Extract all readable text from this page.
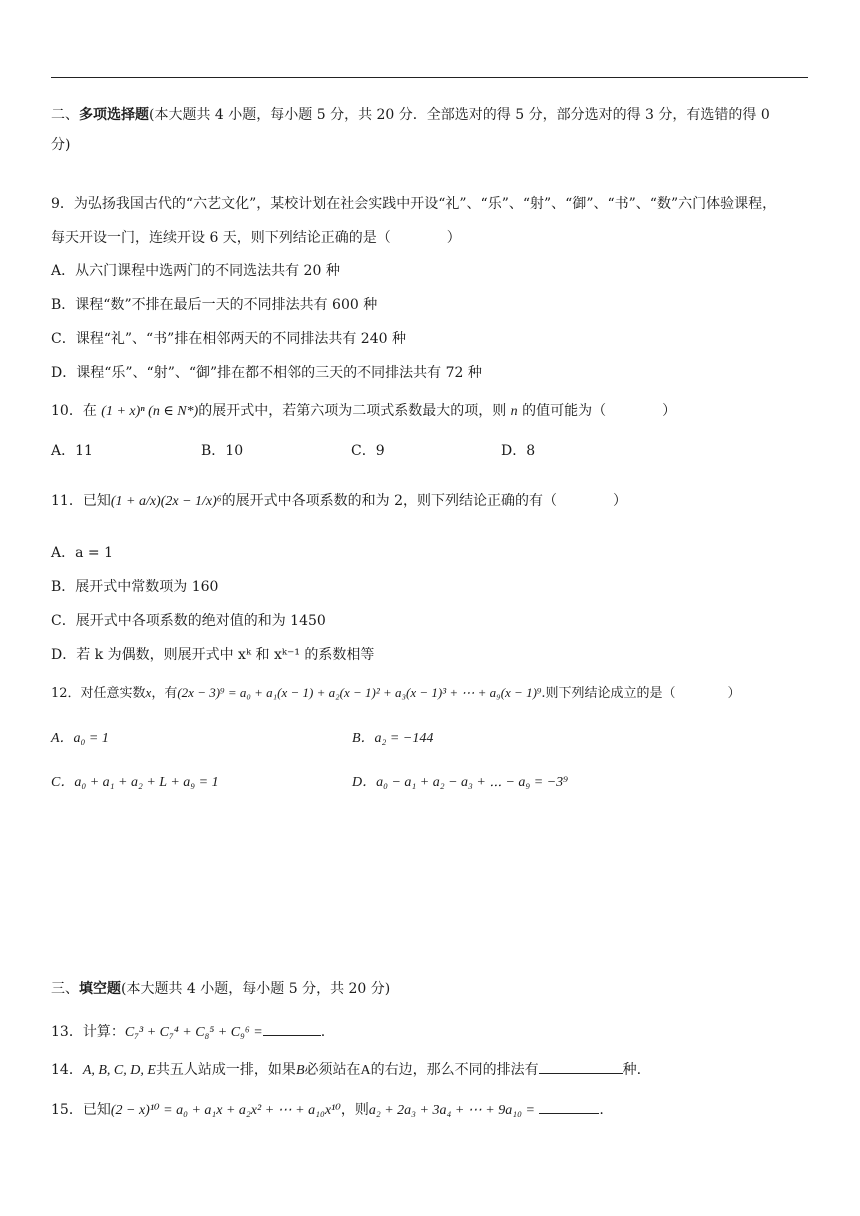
二、多项选择题(本大题共 4 小题，每小题 5 分，共 20 分．全部选对的得 5 分，部分选对的得 3 分，有选错的得 0
分)
9．为弘扬我国古代的“六艺文化”，某校计划在社会实践中开设“礼”、“乐”、“射”、“御”、“书”、“数”六门体验课程，
每天开设一门，连续开设 6 天，则下列结论正确的是（　　　　）
A．从六门课程中选两门的不同选法共有 20 种
B．课程“数”不排在最后一天的不同排法共有 600 种
C．课程“礼”、“书”排在相邻两天的不同排法共有 240 种
D．课程“乐”、“射”、“御”排在都不相邻的三天的不同排法共有 72 种
10．在 (1 + x)ⁿ (n ∈ N*)的展开式中，若第六项为二项式系数最大的项，则 n 的值可能为（　　　　）
A．11	B．10	C．9	D．8
11．已知(1 + a/x)(2x − 1/x)⁶的展开式中各项系数的和为 2，则下列结论正确的有（　　　　）
A．a = 1
B．展开式中常数项为 160
C．展开式中各项系数的绝对值的和为 1450
D．若 k 为偶数，则展开式中 xᵏ 和 xᵏ⁻¹ 的系数相等
12．对任意实数x，有(2x − 3)⁹ = a₀ + a₁(x − 1) + a₂(x − 1)² + a₃(x − 1)³ + ⋯ + a₉(x − 1)⁹.则下列结论成立的是（　　　　）
A．a₀ = 1	B．a₂ = −144
C．a₀ + a₁ + a₂ + L + a₉ = 1	D．a₀ − a₁ + a₂ − a₃ + ⋯ − a₉ = −3⁹
三、填空题(本大题共 4 小题，每小题 5 分，共 20 分)
13．计算：C₇³ + C₇⁴ + C₈⁵ + C₉⁶ =	.
14．A, B, C, D, E共五人站成一排，如果B必须站在A的右边，那么不同的排法有	种.
15．已知(2 − x)¹⁰ = a₀ + a₁x + a₂x² + ⋯ + a₁₀x¹⁰，则a₂ + 2a₃ + 3a₄ + ⋯ + 9a₁₀ =	.
